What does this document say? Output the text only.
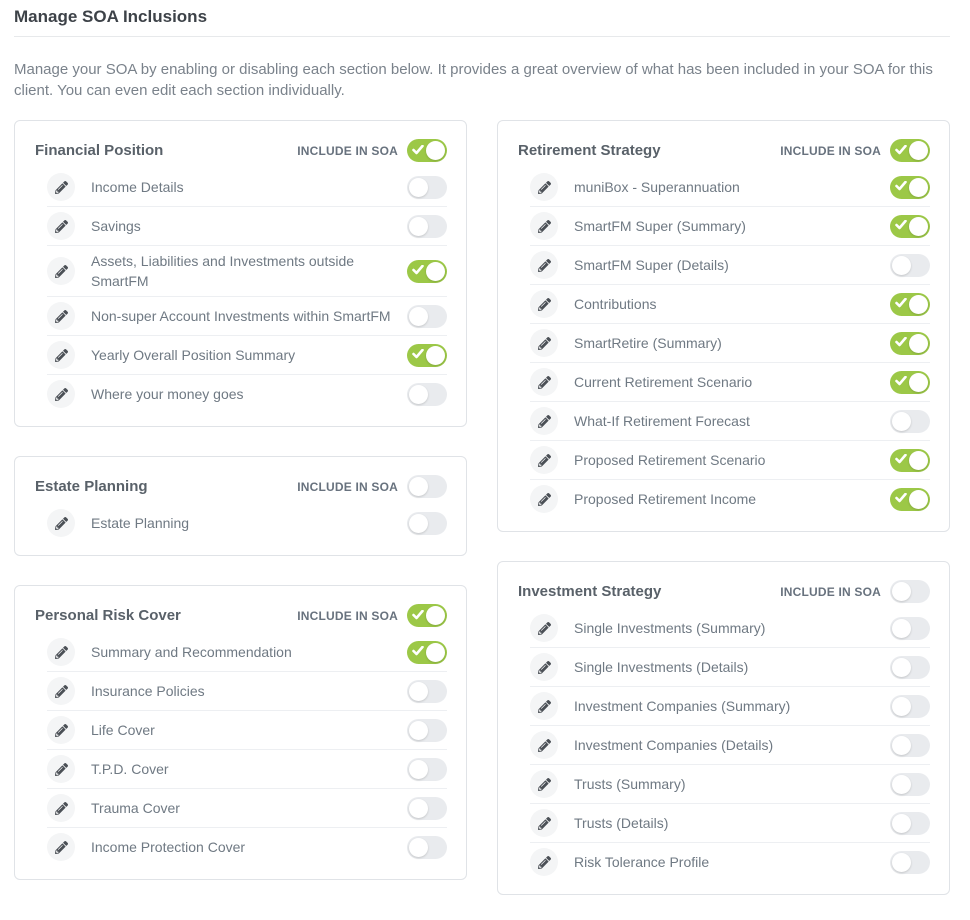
Manage SOA Inclusions

Manage your SOA by enabling or disabling each section below. It provides a great overview of what has been included in your SOA for this client. You can even edit each section individually.

Financial Position	INCLUDE IN SOA
Income Details
Savings
Assets, Liabilities and Investments outside SmartFM
Non-super Account Investments within SmartFM
Yearly Overall Position Summary
Where your money goes
Estate Planning	INCLUDE IN SOA
Estate Planning
Personal Risk Cover	INCLUDE IN SOA
Summary and Recommendation
Insurance Policies
Life Cover
T.P.D. Cover
Trauma Cover
Income Protection Cover
Retirement Strategy	INCLUDE IN SOA
muniBox - Superannuation
SmartFM Super (Summary)
SmartFM Super (Details)
Contributions
SmartRetire (Summary)
Current Retirement Scenario
What-If Retirement Forecast
Proposed Retirement Scenario
Proposed Retirement Income
Investment Strategy	INCLUDE IN SOA
Single Investments (Summary)
Single Investments (Details)
Investment Companies (Summary)
Investment Companies (Details)
Trusts (Summary)
Trusts (Details)
Risk Tolerance Profile
